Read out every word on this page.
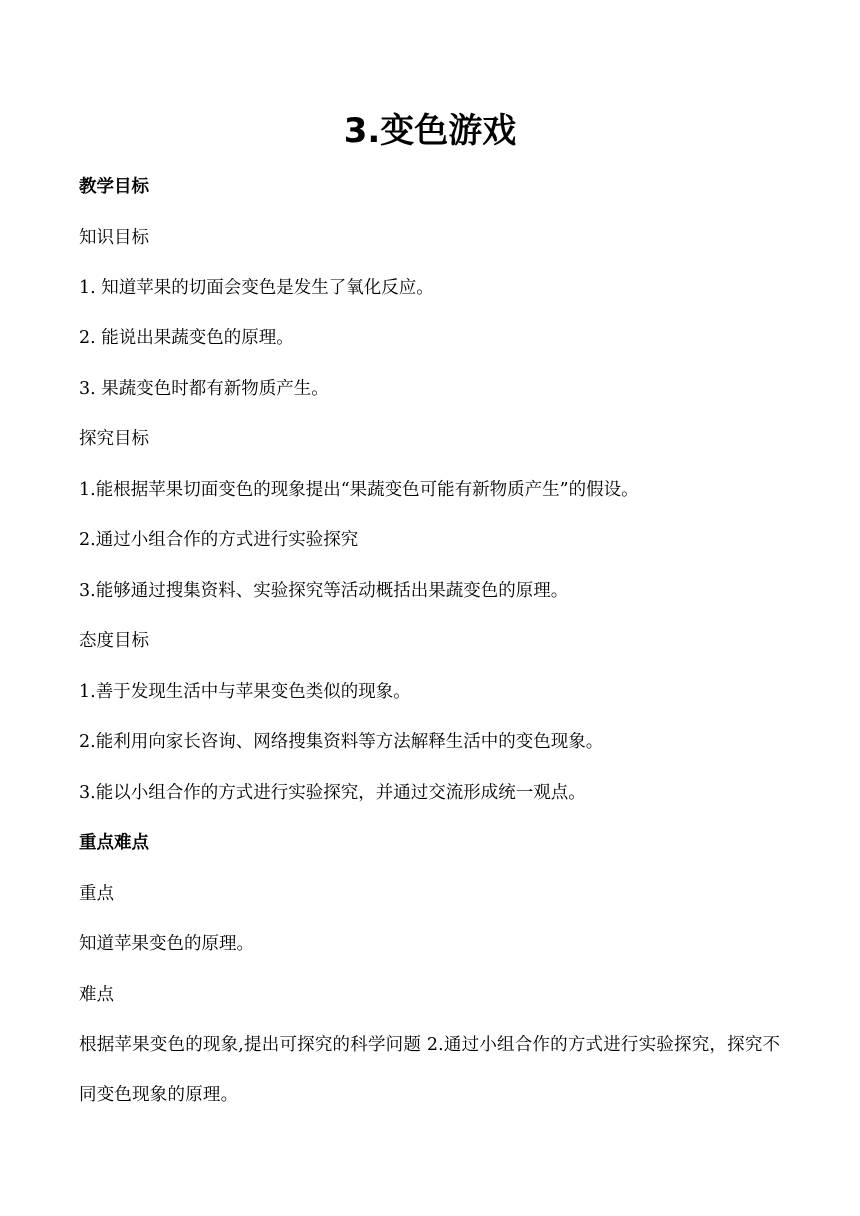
3.变色游戏
教学目标
知识目标
1. 知道苹果的切面会变色是发生了氧化反应。
2. 能说出果蔬变色的原理。
3. 果蔬变色时都有新物质产生。
探究目标
1.能根据苹果切面变色的现象提出“果蔬变色可能有新物质产生”的假设。
2.通过小组合作的方式进行实验探究
3.能够通过搜集资料、实验探究等活动概括出果蔬变色的原理。
态度目标
1.善于发现生活中与苹果变色类似的现象。
2.能利用向家长咨询、网络搜集资料等方法解释生活中的变色现象。
3.能以小组合作的方式进行实验探究，并通过交流形成统一观点。
重点难点
重点
知道苹果变色的原理。
难点
根据苹果变色的现象,提出可探究的科学问题 2.通过小组合作的方式进行实验探究，探究不同变色现象的原理。
